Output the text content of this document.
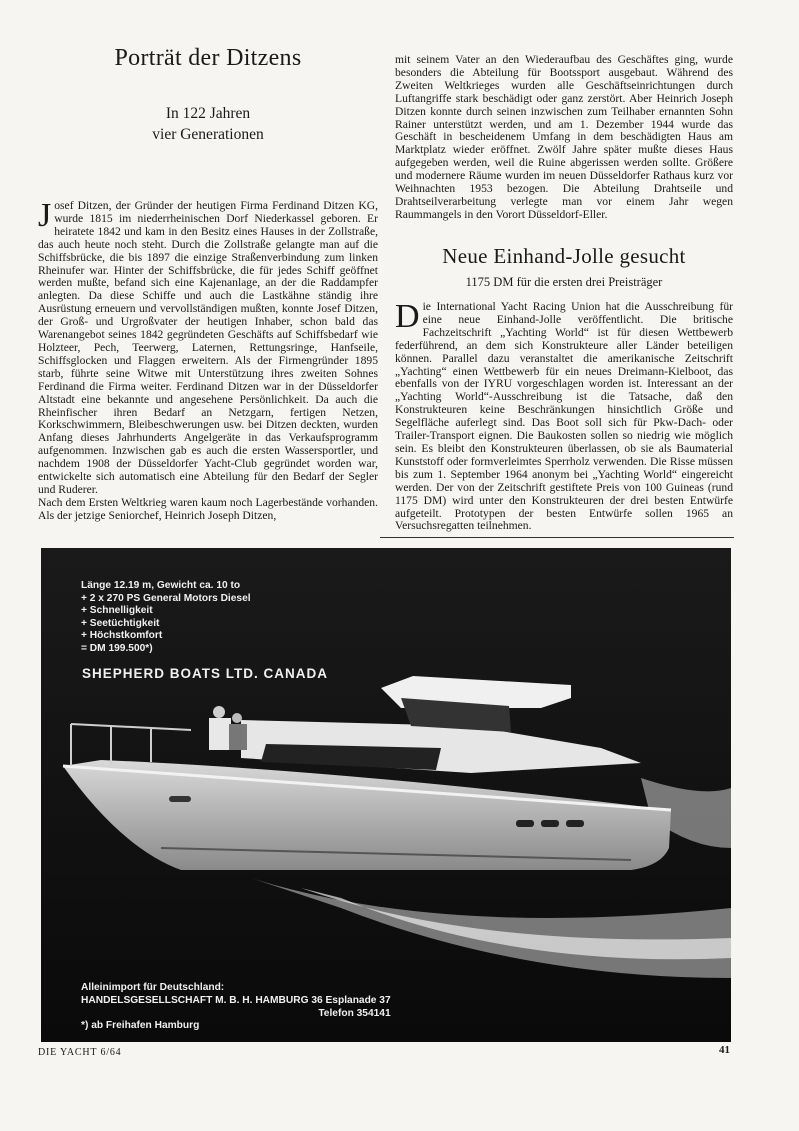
Porträt der Ditzens
In 122 Jahren
vier Generationen

Josef Ditzen, der Gründer der heutigen Firma Ferdinand Ditzen KG, wurde 1815 im niederrheinischen Dorf Niederkassel geboren. Er heiratete 1842 und kam in den Besitz eines Hauses in der Zollstraße, das auch heute noch steht. Durch die Zollstraße gelangte man auf die Schiffsbrücke, die bis 1897 die einzige Straßenverbindung zum linken Rheinufer war. Hinter der Schiffsbrücke, die für jedes Schiff geöffnet werden mußte, befand sich eine Kajenanlage, an der die Raddampfer anlegten. Da diese Schiffe und auch die Lastkähne ständig ihre Ausrüstung erneuern und vervollständigen mußten, konnte Josef Ditzen, der Groß- und Urgroßvater der heutigen Inhaber, schon bald das Warenangebot seines 1842 gegründeten Geschäfts auf Schiffsbedarf wie Holzteer, Pech, Teerwerg, Laternen, Rettungsringe, Hanfseile, Schiffsglocken und Flaggen erweitern. Als der Firmengründer 1895 starb, führte seine Witwe mit Unterstützung ihres zweiten Sohnes Ferdinand die Firma weiter. Ferdinand Ditzen war in der Düsseldorfer Altstadt eine bekannte und angesehene Persönlichkeit. Da auch die Rheinfischer ihren Bedarf an Netzgarn, fertigen Netzen, Korkschwimmern, Bleibeschwerungen usw. bei Ditzen deckten, wurden Anfang dieses Jahrhunderts Angelgeräte in das Verkaufsprogramm aufgenommen. Inzwischen gab es auch die ersten Wassersportler, und nachdem 1908 der Düsseldorfer Yacht-Club gegründet worden war, entwickelte sich automatisch eine Abteilung für den Bedarf der Segler und Ruderer.

Nach dem Ersten Weltkrieg waren kaum noch Lagerbestände vorhanden. Als der jetzige Seniorchef, Heinrich Joseph Ditzen,

mit seinem Vater an den Wiederaufbau des Geschäftes ging, wurde besonders die Abteilung für Bootssport ausgebaut. Während des Zweiten Weltkrieges wurden alle Geschäftseinrichtungen durch Luftangriffe stark beschädigt oder ganz zerstört. Aber Heinrich Joseph Ditzen konnte durch seinen inzwischen zum Teilhaber ernannten Sohn Rainer unterstützt werden, und am 1. Dezember 1944 wurde das Geschäft in bescheidenem Umfang in dem beschädigten Haus am Marktplatz wieder eröffnet. Zwölf Jahre später mußte dieses Haus aufgegeben werden, weil die Ruine abgerissen werden sollte. Größere und modernere Räume wurden im neuen Düsseldorfer Rathaus kurz vor Weihnachten 1953 bezogen. Die Abteilung Drahtseile und Drahtseilverarbeitung verlegte man vor einem Jahr wegen Raummangels in den Vorort Düsseldorf-Eller.

Neue Einhand-Jolle gesucht
1175 DM für die ersten drei Preisträger

Die International Yacht Racing Union hat die Ausschreibung für eine neue Einhand-Jolle veröffentlicht. Die britische Fachzeitschrift „Yachting World“ ist für diesen Wettbewerb federführend, an dem sich Konstrukteure aller Länder beteiligen können. Parallel dazu veranstaltet die amerikanische Zeitschrift „Yachting“ einen Wettbewerb für ein neues Dreimann-Kielboot, das ebenfalls von der IYRU vorgeschlagen worden ist. Interessant an der „Yachting World“-Ausschreibung ist die Tatsache, daß den Konstrukteuren keine Beschränkungen hinsichtlich Größe und Segelfläche auferlegt sind. Das Boot soll sich für Pkw-Dach- oder Trailer-Transport eignen. Die Baukosten sollen so niedrig wie möglich sein. Es bleibt den Konstrukteuren überlassen, ob sie als Baumaterial Kunststoff oder formverleimtes Sperrholz verwenden. Die Risse müssen bis zum 1. September 1964 anonym bei „Yachting World“ eingereicht werden. Der von der Zeitschrift gestiftete Preis von 100 Guineas (rund 1175 DM) wird unter den Konstrukteuren der drei besten Entwürfe aufgeteilt. Prototypen der besten Entwürfe sollen 1965 an Versuchsregatten teilnehmen.

Länge 12.19 m, Gewicht ca. 10 to
+ 2 x 270 PS General Motors Diesel
+ Schnelligkeit
+ Seetüchtigkeit
+ Höchstkomfort
= DM 199.500*)
SHEPHERD BOATS LTD. CANADA
Alleinimport für Deutschland:
HANDELSGESELLSCHAFT M. B. H. HAMBURG 36 Esplanade 37
Telefon 354141
*) ab Freihafen Hamburg
DIE YACHT 6/64	41
